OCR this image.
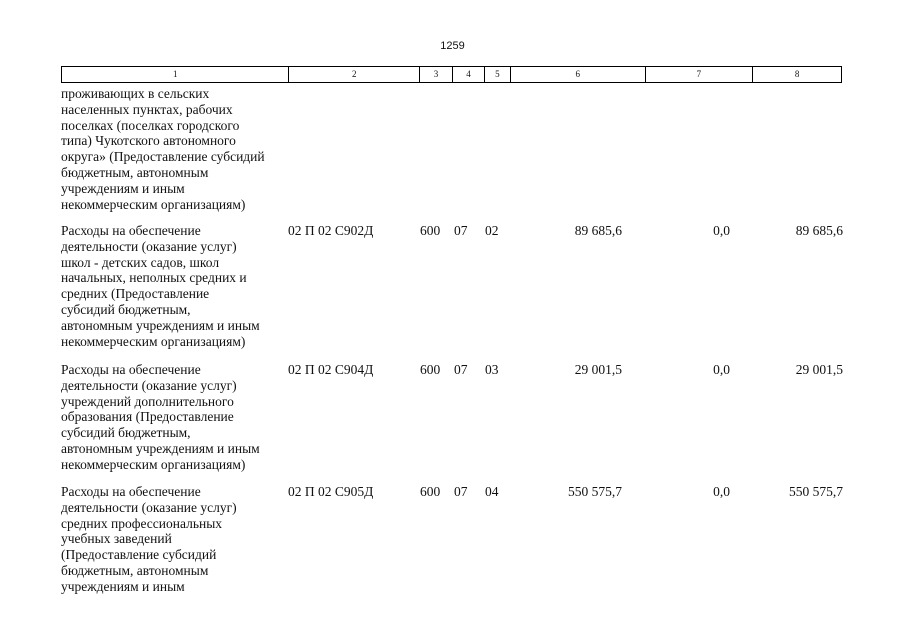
1259
1	2	3	4	5	6	7	8
проживающих в сельских
населенных пунктах, рабочих
поселках (поселках городского
типа) Чукотского автономного
округа» (Предоставление субсидий
бюджетным, автономным
учреждениям и иным
некоммерческим организациям)
Расходы на обеспечение
деятельности (оказание услуг)
школ - детских садов, школ
начальных, неполных средних и
средних (Предоставление
субсидий бюджетным,
автономным учреждениям и иным
некоммерческим организациям)
02 П 02 С902Д	600 07 02	89 685,6	0,0	89 685,6
Расходы на обеспечение
деятельности (оказание услуг)
учреждений дополнительного
образования (Предоставление
субсидий бюджетным,
автономным учреждениям и иным
некоммерческим организациям)
02 П 02 С904Д	600 07 03	29 001,5	0,0	29 001,5
Расходы на обеспечение
деятельности (оказание услуг)
средних профессиональных
учебных заведений
(Предоставление субсидий
бюджетным, автономным
учреждениям и иным
02 П 02 С905Д	600 07 04	550 575,7	0,0	550 575,7
